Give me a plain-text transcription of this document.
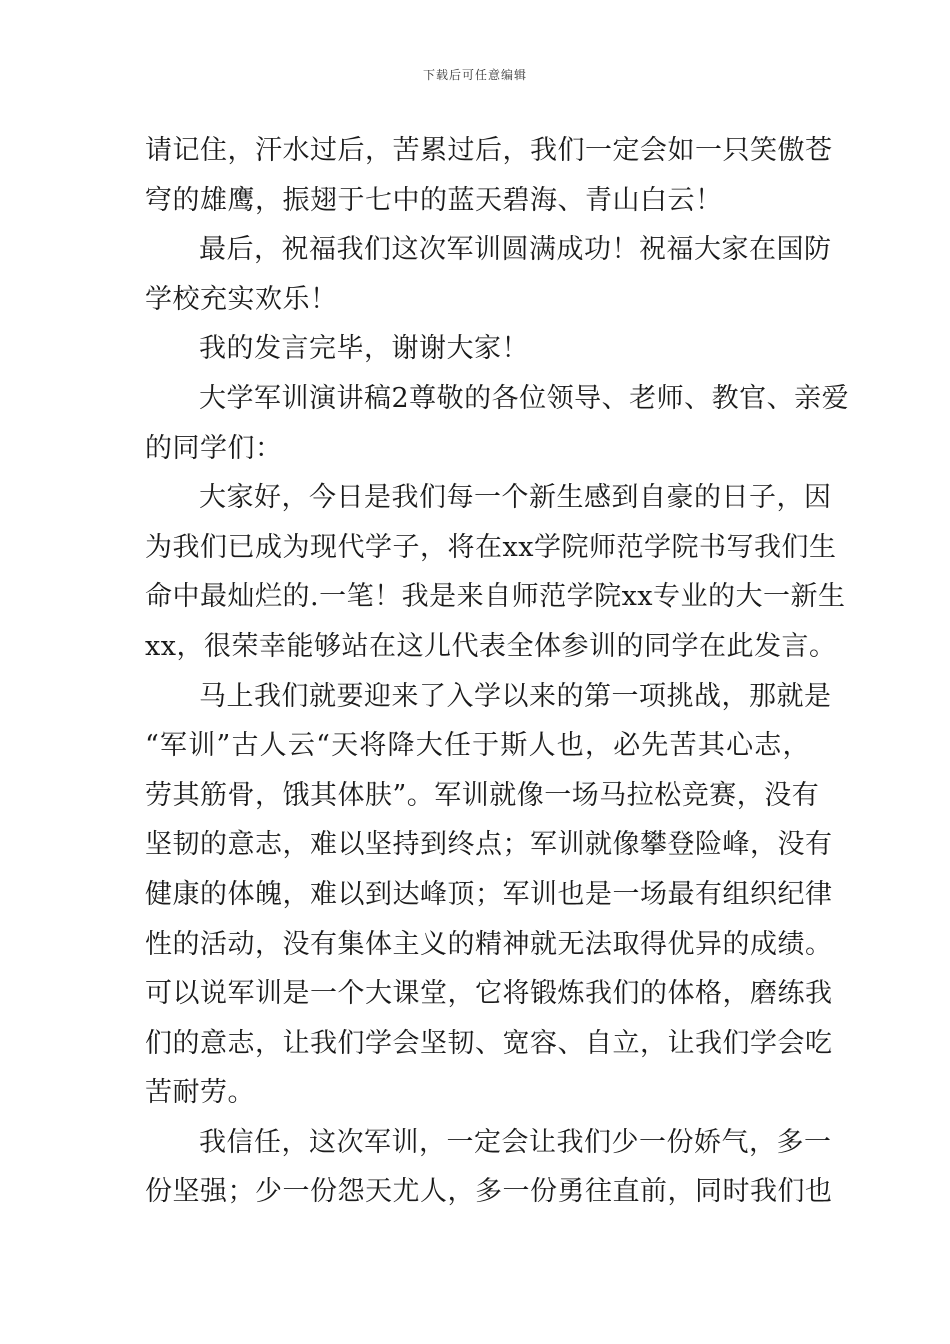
下载后可任意编辑
请记住，汗水过后，苦累过后，我们一定会如一只笑傲苍
穹的雄鹰，振翅于七中的蓝天碧海、青山白云！
最后，祝福我们这次军训圆满成功！祝福大家在国防
学校充实欢乐！
我的发言完毕，谢谢大家！
大学军训演讲稿2尊敬的各位领导、老师、教官、亲爱
的同学们：
大家好，今日是我们每一个新生感到自豪的日子，因
为我们已成为现代学子，将在xx学院师范学院书写我们生
命中最灿烂的.一笔！我是来自师范学院xx专业的大一新生
xx，很荣幸能够站在这儿代表全体参训的同学在此发言。
马上我们就要迎来了入学以来的第一项挑战，那就是
“军训”古人云“天将降大任于斯人也，必先苦其心志，
劳其筋骨，饿其体肤”。军训就像一场马拉松竞赛，没有
坚韧的意志，难以坚持到终点；军训就像攀登险峰，没有
健康的体魄，难以到达峰顶；军训也是一场最有组织纪律
性的活动，没有集体主义的精神就无法取得优异的成绩。
可以说军训是一个大课堂，它将锻炼我们的体格，磨练我
们的意志，让我们学会坚韧、宽容、自立，让我们学会吃
苦耐劳。
我信任，这次军训，一定会让我们少一份娇气，多一
份坚强；少一份怨天尤人，多一份勇往直前，同时我们也
